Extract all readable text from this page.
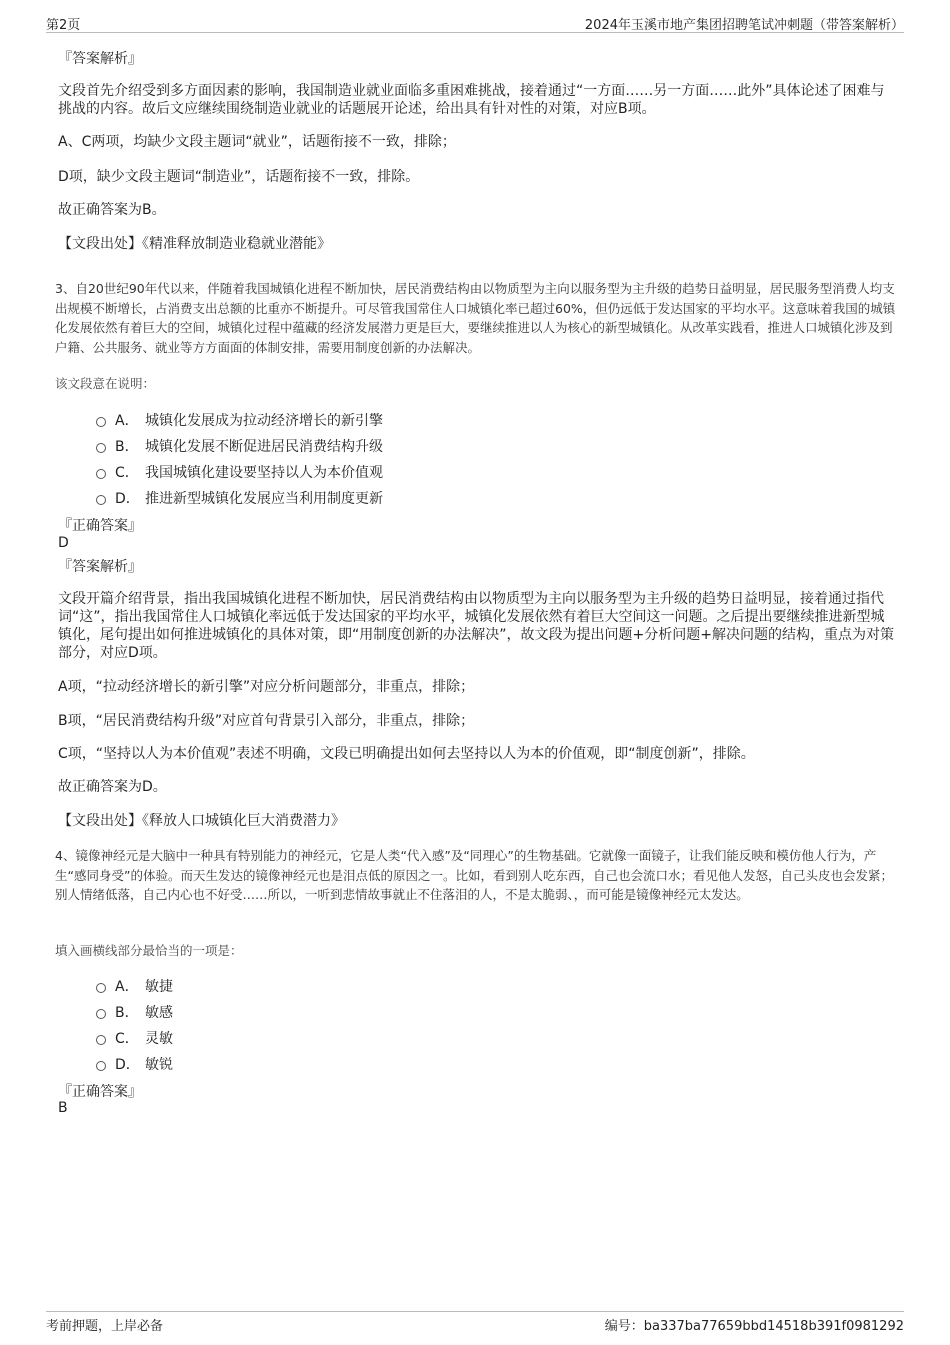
第2页	2024年玉溪市地产集团招聘笔试冲刺题（带答案解析）
『答案解析』

文段首先介绍受到多方面因素的影响，我国制造业就业面临多重困难挑战，接着通过“一方面……另一方面……此外”具体论述了困难与挑战的内容。故后文应继续围绕制造业就业的话题展开论述，给出具有针对性的对策，对应B项。

A、C两项，均缺少文段主题词“就业”，话题衔接不一致，排除；

D项，缺少文段主题词“制造业”，话题衔接不一致，排除。

故正确答案为B。

【文段出处】《精准释放制造业稳就业潜能》

3、自20世纪90年代以来，伴随着我国城镇化进程不断加快，居民消费结构由以物质型为主向以服务型为主升级的趋势日益明显，居民服务型消费人均支出规模不断增长，占消费支出总额的比重亦不断提升。可尽管我国常住人口城镇化率已超过60%，但仍远低于发达国家的平均水平。这意味着我国的城镇化发展依然有着巨大的空间，城镇化过程中蕴藏的经济发展潜力更是巨大，要继续推进以人为核心的新型城镇化。从改革实践看，推进人口城镇化涉及到户籍、公共服务、就业等方方面面的体制安排，需要用制度创新的办法解决。

该文段意在说明：

A． 城镇化发展成为拉动经济增长的新引擎
B． 城镇化发展不断促进居民消费结构升级
C． 我国城镇化建设要坚持以人为本价值观
D． 推进新型城镇化发展应当利用制度更新
『正确答案』
D
『答案解析』

文段开篇介绍背景，指出我国城镇化进程不断加快，居民消费结构由以物质型为主向以服务型为主升级的趋势日益明显，接着通过指代词“这”，指出我国常住人口城镇化率远低于发达国家的平均水平，城镇化发展依然有着巨大空间这一问题。之后提出要继续推进新型城镇化，尾句提出如何推进城镇化的具体对策，即“用制度创新的办法解决”，故文段为提出问题+分析问题+解决问题的结构，重点为对策部分，对应D项。

A项，“拉动经济增长的新引擎”对应分析问题部分，非重点，排除；

B项，“居民消费结构升级”对应首句背景引入部分，非重点，排除；

C项，“坚持以人为本价值观”表述不明确，文段已明确提出如何去坚持以人为本的价值观，即“制度创新”，排除。

故正确答案为D。

【文段出处】《释放人口城镇化巨大消费潜力》

4、镜像神经元是大脑中一种具有特别能力的神经元，它是人类“代入感”及“同理心”的生物基础。它就像一面镜子，让我们能反映和模仿他人行为，产生“感同身受”的体验。而天生发达的镜像神经元也是泪点低的原因之一。比如，看到别人吃东西，自己也会流口水；看见他人发怒，自己头皮也会发紧；别人情绪低落，自己内心也不好受……所以，一听到悲情故事就止不住落泪的人，不是太脆弱、，而可能是镜像神经元太发达。

填入画横线部分最恰当的一项是：

A． 敏捷
B． 敏感
C． 灵敏
D． 敏锐
『正确答案』
B
考前押题，上岸必备	编号：ba337ba77659bbd14518b391f0981292
